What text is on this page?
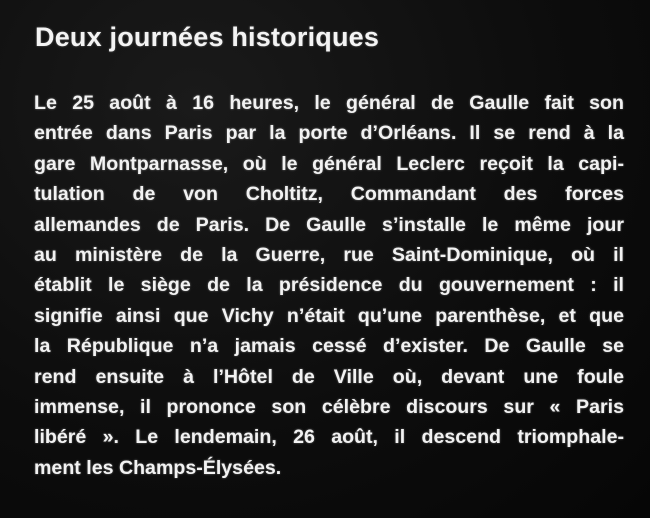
Deux journées historiques
Le 25 août à 16 heures, le général de Gaulle fait son
entrée dans Paris par la porte d’Orléans. Il se rend à la
gare Montparnasse, où le général Leclerc reçoit la capi-
tulation de von Choltitz, Commandant des forces
allemandes de Paris. De Gaulle s’installe le même jour
au ministère de la Guerre, rue Saint-Dominique, où il
établit le siège de la présidence du gouvernement : il
signifie ainsi que Vichy n’était qu’une parenthèse, et que
la République n’a jamais cessé d’exister. De Gaulle se
rend ensuite à l’Hôtel de Ville où, devant une foule
immense, il prononce son célèbre discours sur « Paris
libéré ». Le lendemain, 26 août, il descend triomphale-
ment les Champs-Élysées.
